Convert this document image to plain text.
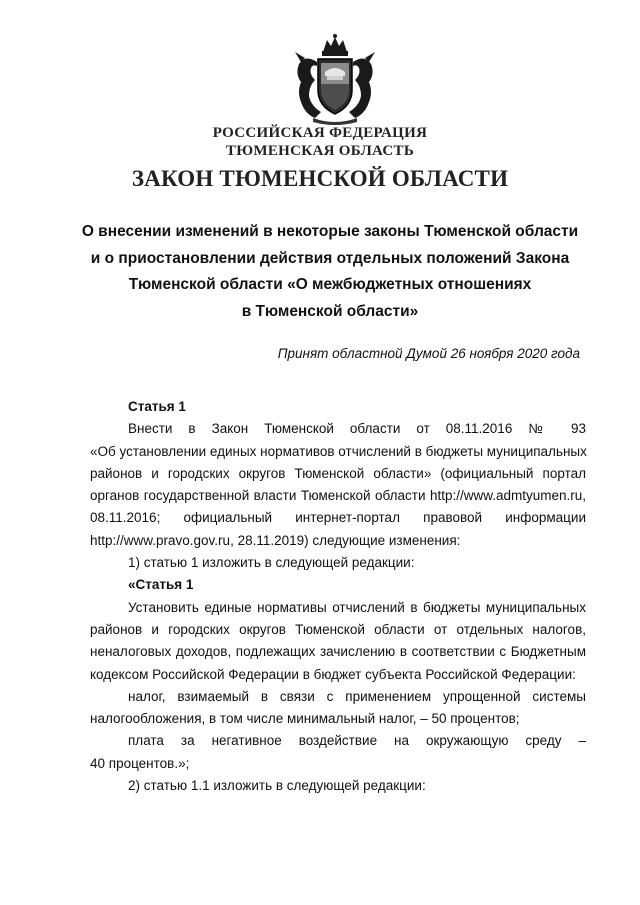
РОССИЙСКАЯ ФЕДЕРАЦИЯ
ТЮМЕНСКАЯ ОБЛАСТЬ
ЗАКОН ТЮМЕНСКОЙ ОБЛАСТИ
О внесении изменений в некоторые законы Тюменской области
и о приостановлении действия отдельных положений Закона
Тюменской области «О межбюджетных отношениях
в Тюменской области»
Принят областной Думой 26 ноября 2020 года
Статья 1
Внести в Закон Тюменской области от 08.11.2016 № 93
«Об установлении единых нормативов отчислений в бюджеты муниципальных
районов и городских округов Тюменской области» (официальный портал
органов государственной власти Тюменской области http://www.admtyumen.ru,
08.11.2016; официальный интернет-портал правовой информации
http://www.pravo.gov.ru, 28.11.2019) следующие изменения:
1) статью 1 изложить в следующей редакции:
«Статья 1
Установить единые нормативы отчислений в бюджеты муниципальных
районов и городских округов Тюменской области от отдельных налогов,
неналоговых доходов, подлежащих зачислению в соответствии с Бюджетным
кодексом Российской Федерации в бюджет субъекта Российской Федерации:
налог, взимаемый в связи с применением упрощенной системы
налогообложения, в том числе минимальный налог, – 50 процентов;
плата за негативное воздействие на окружающую среду –
40 процентов.»;
2) статью 1.1 изложить в следующей редакции:
